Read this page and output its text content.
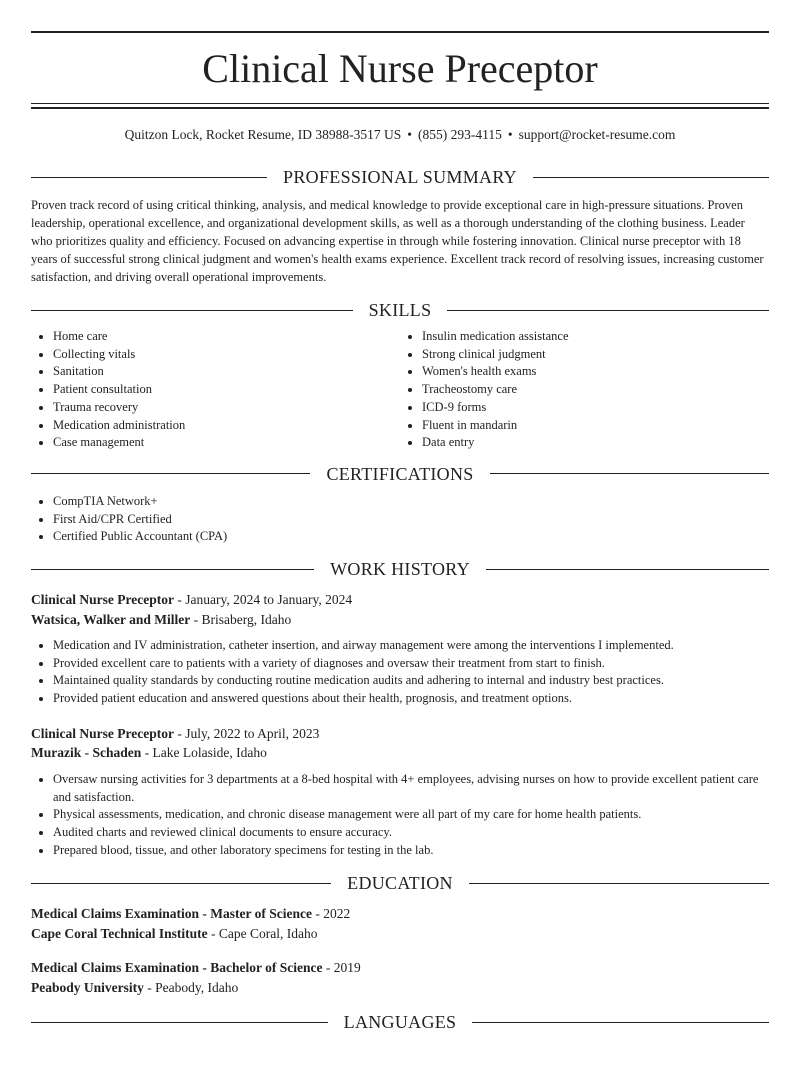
Clinical Nurse Preceptor
Quitzon Lock, Rocket Resume, ID 38988-3517 US • (855) 293-4115 • support@rocket-resume.com
PROFESSIONAL SUMMARY

Proven track record of using critical thinking, analysis, and medical knowledge to provide exceptional care in high-pressure situations. Proven leadership, operational excellence, and organizational development skills, as well as a thorough understanding of the clothing business. Leader who prioritizes quality and efficiency. Focused on advancing expertise in through while fostering innovation. Clinical nurse preceptor with 18 years of successful strong clinical judgment and women's health exams experience. Excellent track record of resolving issues, increasing customer satisfaction, and driving overall operational improvements.

SKILLS
• Home care
• Collecting vitals
• Sanitation
• Patient consultation
• Trauma recovery
• Medication administration
• Case management
• Insulin medication assistance
• Strong clinical judgment
• Women's health exams
• Tracheostomy care
• ICD-9 forms
• Fluent in mandarin
• Data entry
CERTIFICATIONS
• CompTIA Network+
• First Aid/CPR Certified
• Certified Public Accountant (CPA)
WORK HISTORY
Clinical Nurse Preceptor - January, 2024 to January, 2024
Watsica, Walker and Miller - Brisaberg, Idaho
• Medication and IV administration, catheter insertion, and airway management were among the interventions I implemented.
• Provided excellent care to patients with a variety of diagnoses and oversaw their treatment from start to finish.
• Maintained quality standards by conducting routine medication audits and adhering to internal and industry best practices.
• Provided patient education and answered questions about their health, prognosis, and treatment options.
Clinical Nurse Preceptor - July, 2022 to April, 2023
Murazik - Schaden - Lake Lolaside, Idaho
• Oversaw nursing activities for 3 departments at a 8-bed hospital with 4+ employees, advising nurses on how to provide excellent patient care and satisfaction.
• Physical assessments, medication, and chronic disease management were all part of my care for home health patients.
• Audited charts and reviewed clinical documents to ensure accuracy.
• Prepared blood, tissue, and other laboratory specimens for testing in the lab.
EDUCATION
Medical Claims Examination - Master of Science - 2022
Cape Coral Technical Institute - Cape Coral, Idaho
Medical Claims Examination - Bachelor of Science - 2019
Peabody University - Peabody, Idaho
LANGUAGES
